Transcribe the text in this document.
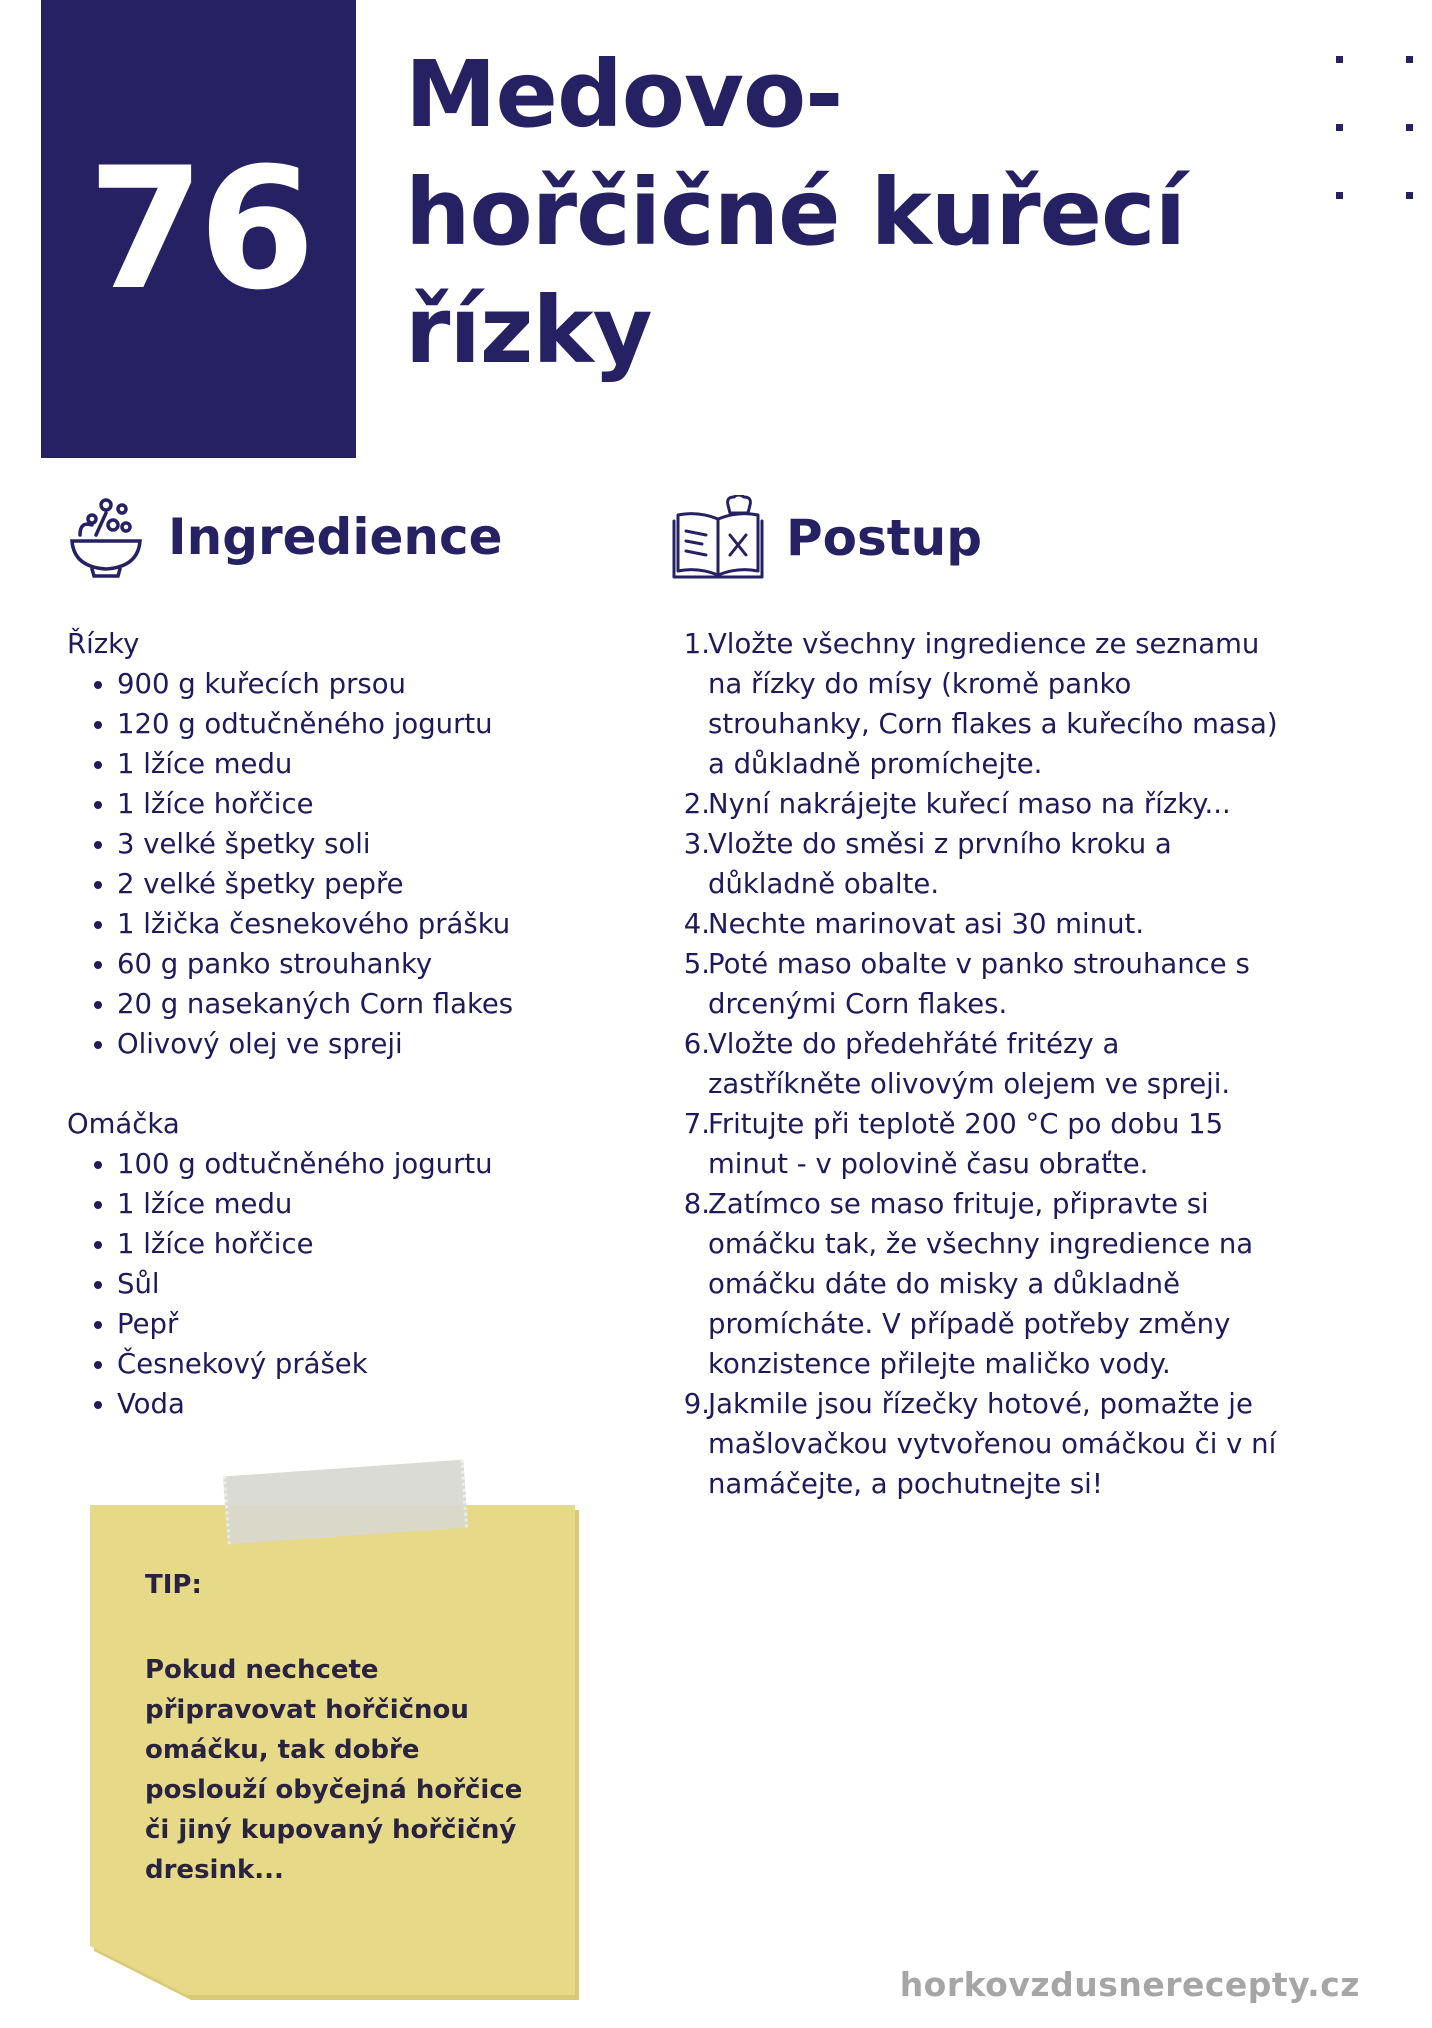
76
Medovo-
hořčičné kuřecí
řízky
Ingredience	Postup

Řízky

900 g kuřecích prsou
120 g odtučněného jogurtu
1 lžíce medu
1 lžíce hořčice
3 velké špetky soli
2 velké špetky pepře
1 lžička česnekového prášku
60 g panko strouhanky
20 g nasekaných Corn flakes
Olivový olej ve spreji

Omáčka

100 g odtučněného jogurtu
1 lžíce medu
1 lžíce hořčice
Sůl
Pepř
Česnekový prášek
Voda
1.
Vložte všechny ingredience ze seznamu
na řízky do mísy (kromě panko
strouhanky, Corn flakes a kuřecího masa)
a důkladně promíchejte.
2.
Nyní nakrájejte kuřecí maso na řízky...
3.
Vložte do směsi z prvního kroku a
důkladně obalte.
4.
Nechte marinovat asi 30 minut.
5.
Poté maso obalte v panko strouhance s
drcenými Corn flakes.
6.
Vložte do předehřáté fritézy a
zastříkněte olivovým olejem ve spreji.
7.
Fritujte při teplotě 200 °C po dobu 15
minut - v polovině času obraťte.
8.
Zatímco se maso frituje, připravte si
omáčku tak, že všechny ingredience na
omáčku dáte do misky a důkladně
promícháte. V případě potřeby změny
konzistence přilejte maličko vody.
9.
Jakmile jsou řízečky hotové, pomažte je
mašlovačkou vytvořenou omáčkou či v ní
namáčejte, a pochutnejte si!
TIP:
Pokud nechcete
připravovat hořčičnou
omáčku, tak dobře
poslouží obyčejná hořčice
či jiný kupovaný hořčičný
dresink...
horkovzdusnerecepty.cz
